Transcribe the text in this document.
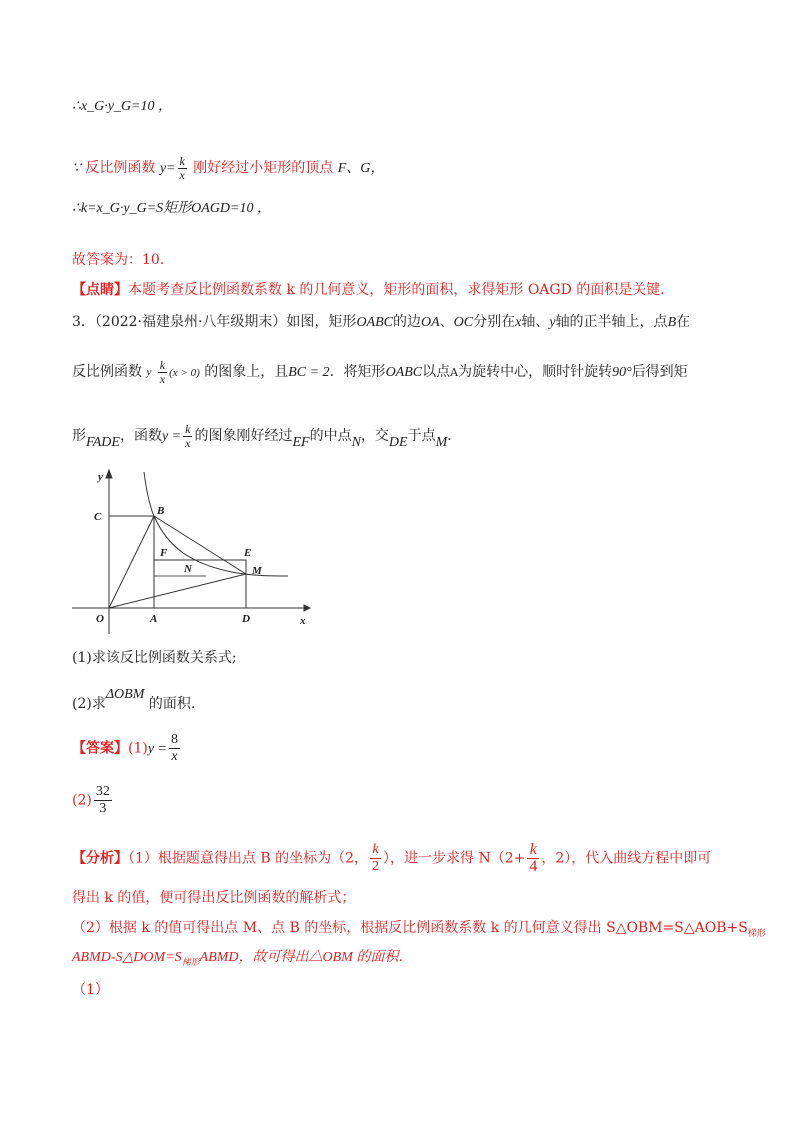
∴x_G·y_G=10 ，
∵ 反比例函数 $y= \frac{k}{x}$ 刚好经过小矩形的顶点 F、G，
∴k=x_G·y_G=S矩形OAGD=10 ，
故答案为：10．
【点睛】本题考查反比例函数系数 k 的几何意义，矩形的面积，求得矩形 OAGD 的面积是关键．
3．（2022·福建泉州·八年级期末）如图，矩形OABC的边OA、OC分别在x轴、y轴的正半轴上，点B在
反比例函数 $^y \frac{k}{x} (x > 0)$ 的图象上，且BC = 2．将矩形OABC以点A为旋转中心，顺时针旋转90°后得到矩
形FADE，函数$y = \frac{k}{x}$ 的图象刚好经过EF的中点N，交DE于点M．
y
x
O	A	D
C	B
F
N
E
M
(1)求该反比例函数关系式;
(2)求ΔOBM 的面积.
【答案】$(1)y = \frac{8}{x}$
$(2) \frac{32}{3}$
【分析】（1）根据题意得出点 B 的坐标为（2， $\frac{k}{2}$ ），进一步求得 $N(2+ \frac{k}{4}$ ，2），代入曲线方程中即可
得出 k 的值，便可得出反比例函数的解析式；
（2）根据 k 的值可得出点 M、点 B 的坐标，根据反比例函数系数 k 的几何意义得出 $S\triangle OBM=S\triangle AOB+S_{梯形}$
ABMD-$S\triangle DOM=S_{梯形}ABMD$，故可得出△OBM 的面积．
（1）
